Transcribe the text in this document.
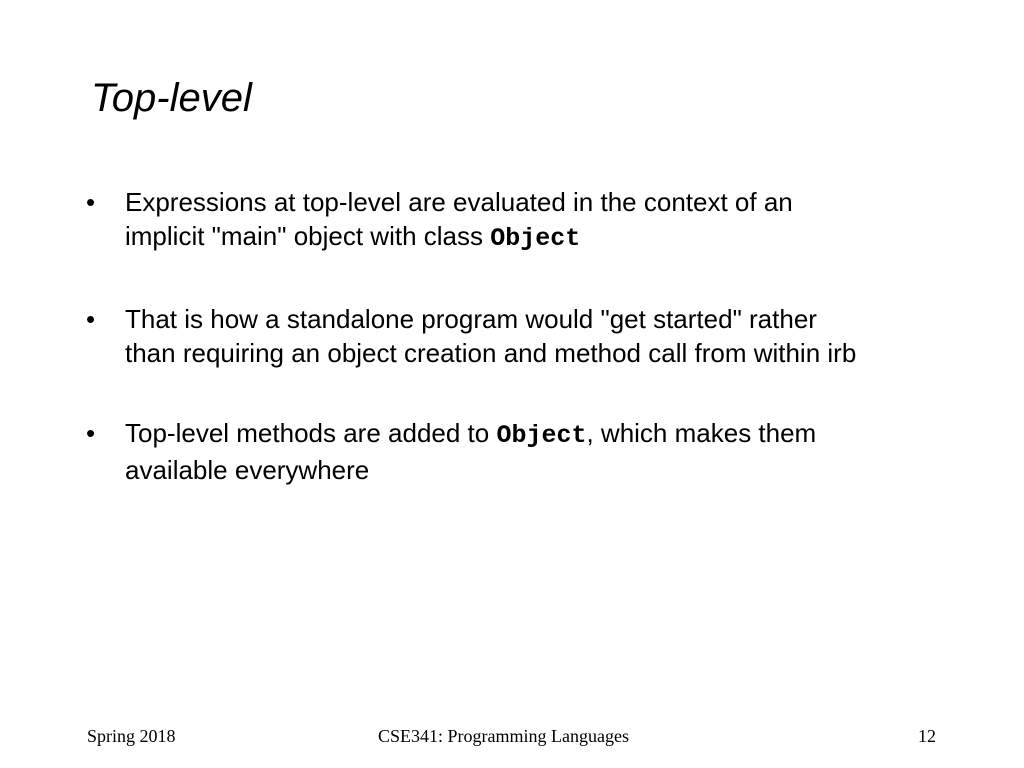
Top-level
• Expressions at top-level are evaluated in the context of an
implicit "main" object with class Object
• That is how a standalone program would "get started" rather
than requiring an object creation and method call from within irb
• Top-level methods are added to Object, which makes them
available everywhere
Spring 2018	CSE341: Programming Languages	12
